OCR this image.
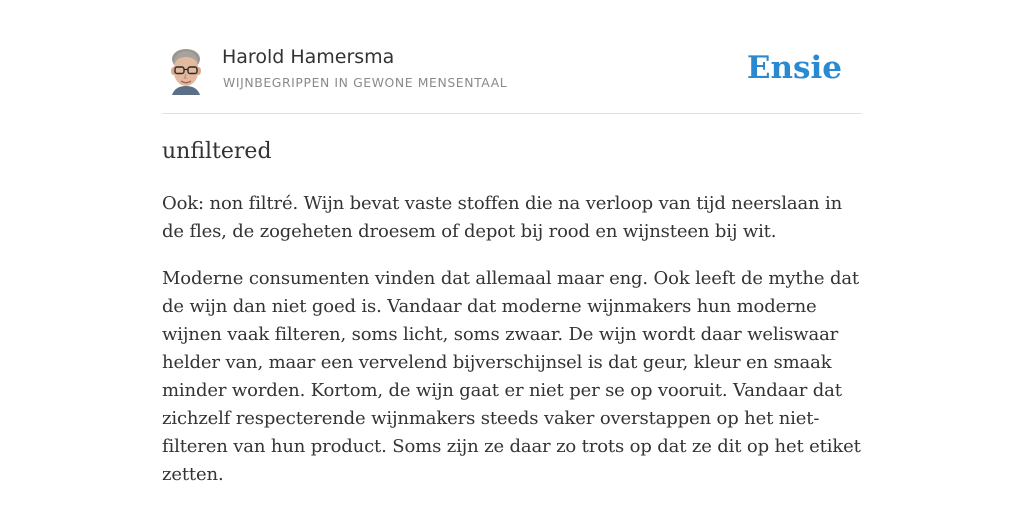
Harold Hamersma
WIJNBEGRIPPEN IN GEWONE MENSENTAAL	Ensie
unfiltered

Ook: non filtré. Wijn bevat vaste stoffen die na verloop van tijd neerslaan in de fles, de zogeheten droesem of depot bij rood en wijnsteen bij wit.

Moderne consumenten vinden dat allemaal maar eng. Ook leeft de mythe dat de wijn dan niet goed is. Vandaar dat moderne wijnmakers hun moderne wijnen vaak filteren, soms licht, soms zwaar. De wijn wordt daar weliswaar helder van, maar een vervelend bijverschijnsel is dat geur, kleur en smaak minder worden. Kortom, de wijn gaat er niet per se op vooruit. Vandaar dat zichzelf respecterende wijnmakers steeds vaker overstappen op het niet-filteren van hun product. Soms zijn ze daar zo trots op dat ze dit op het etiket zetten.
